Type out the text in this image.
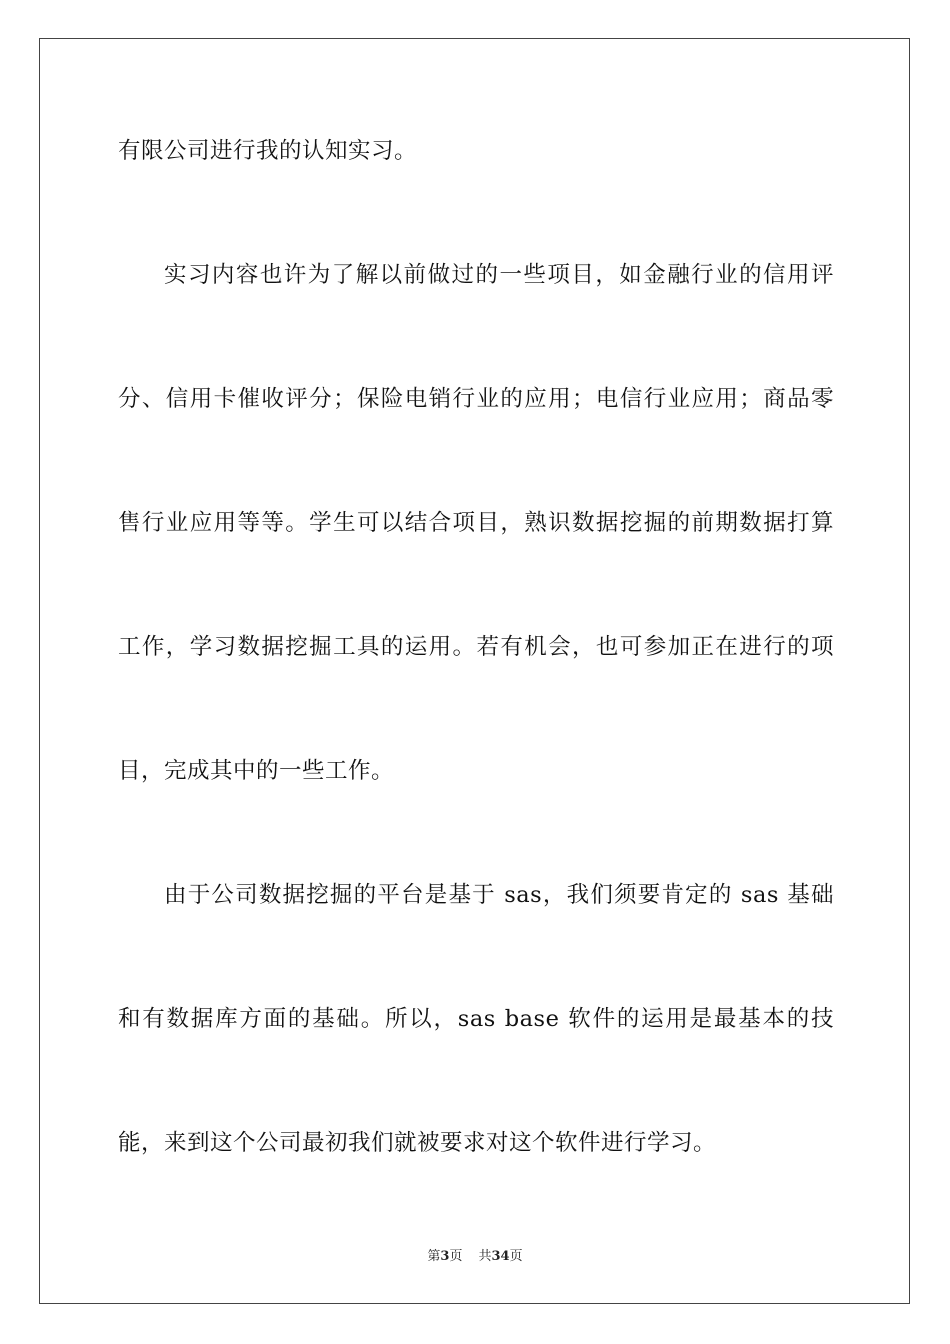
有限公司进行我的认知实习。
实习内容也许为了解以前做过的一些项目，如金融行业的信用评
分、信用卡催收评分；保险电销行业的应用；电信行业应用；商品零
售行业应用等等。学生可以结合项目，熟识数据挖掘的前期数据打算
工作，学习数据挖掘工具的运用。若有机会，也可参加正在进行的项
目，完成其中的一些工作。
由于公司数据挖掘的平台是基于 sas，我们须要肯定的 sas 基础
和有数据库方面的基础。所以，sas base 软件的运用是最基本的技
能，来到这个公司最初我们就被要求对这个软件进行学习。
第3页 共34页
